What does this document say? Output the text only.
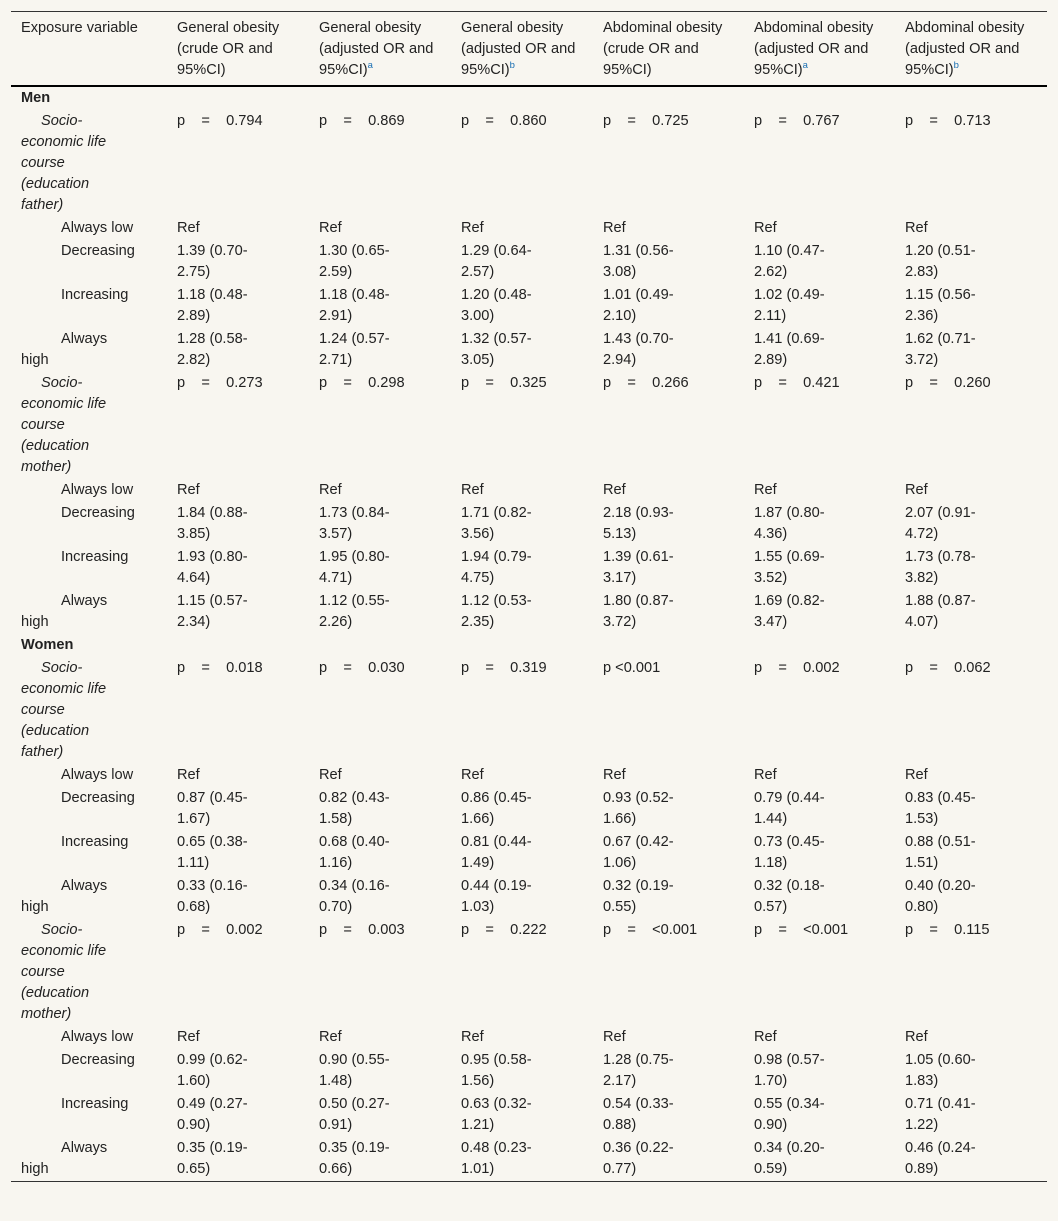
Exposure variable	General obesity (crude OR and 95%CI)	General obesity (adjusted OR and 95%CI)$^a$	General obesity (adjusted OR and 95%CI)$^b$	Abdominal obesity (crude OR and 95%CI)	Abdominal obesity (adjusted OR and 95%CI)$^a$	Abdominal obesity (adjusted OR and 95%CI)$^b$
Men						
Socio-economic life course (education father)	p    =    0.794	p    =    0.869	p    =    0.860	p    =    0.725	p    =    0.767	p    =    0.713
Always low	Ref	Ref	Ref	Ref	Ref	Ref
Decreasing	1.39 (0.70-2.75)	1.30 (0.65-2.59)	1.29 (0.64-2.57)	1.31 (0.56-3.08)	1.10 (0.47-2.62)	1.20 (0.51-2.83)
Increasing	1.18 (0.48-2.89)	1.18 (0.48-2.91)	1.20 (0.48-3.00)	1.01 (0.49-2.10)	1.02 (0.49-2.11)	1.15 (0.56-2.36)
Always high	1.28 (0.58-2.82)	1.24 (0.57-2.71)	1.32 (0.57-3.05)	1.43 (0.70-2.94)	1.41 (0.69-2.89)	1.62 (0.71-3.72)
Socio-economic life course (education mother)	p    =    0.273	p    =    0.298	p    =    0.325	p    =    0.266	p    =    0.421	p    =    0.260
Always low	Ref	Ref	Ref	Ref	Ref	Ref
Decreasing	1.84 (0.88-3.85)	1.73 (0.84-3.57)	1.71 (0.82-3.56)	2.18 (0.93-5.13)	1.87 (0.80-4.36)	2.07 (0.91-4.72)
Increasing	1.93 (0.80-4.64)	1.95 (0.80-4.71)	1.94 (0.79-4.75)	1.39 (0.61-3.17)	1.55 (0.69-3.52)	1.73 (0.78-3.82)
Always high	1.15 (0.57-2.34)	1.12 (0.55-2.26)	1.12 (0.53-2.35)	1.80 (0.87-3.72)	1.69 (0.82-3.47)	1.88 (0.87-4.07)
Women						
Socio-economic life course (education father)	p    =    0.018	p    =    0.030	p    =    0.319	p <0.001	p    =    0.002	p    =    0.062
Always low	Ref	Ref	Ref	Ref	Ref	Ref
Decreasing	0.87 (0.45-1.67)	0.82 (0.43-1.58)	0.86 (0.45-1.66)	0.93 (0.52-1.66)	0.79 (0.44-1.44)	0.83 (0.45-1.53)
Increasing	0.65 (0.38-1.11)	0.68 (0.40-1.16)	0.81 (0.44-1.49)	0.67 (0.42-1.06)	0.73 (0.45-1.18)	0.88 (0.51-1.51)
Always high	0.33 (0.16-0.68)	0.34 (0.16-0.70)	0.44 (0.19-1.03)	0.32 (0.19-0.55)	0.32 (0.18-0.57)	0.40 (0.20-0.80)
Socio-economic life course (education mother)	p    =    0.002	p    =    0.003	p    =    0.222	p    =    <0.001	p    =    <0.001	p    =    0.115
Always low	Ref	Ref	Ref	Ref	Ref	Ref
Decreasing	0.99 (0.62-1.60)	0.90 (0.55-1.48)	0.95 (0.58-1.56)	1.28 (0.75-2.17)	0.98 (0.57-1.70)	1.05 (0.60-1.83)
Increasing	0.49 (0.27-0.90)	0.50 (0.27-0.91)	0.63 (0.32-1.21)	0.54 (0.33-0.88)	0.55 (0.34-0.90)	0.71 (0.41-1.22)
Always high	0.35 (0.19-0.65)	0.35 (0.19-0.66)	0.48 (0.23-1.01)	0.36 (0.22-0.77)	0.34 (0.20-0.59)	0.46 (0.24-0.89)
